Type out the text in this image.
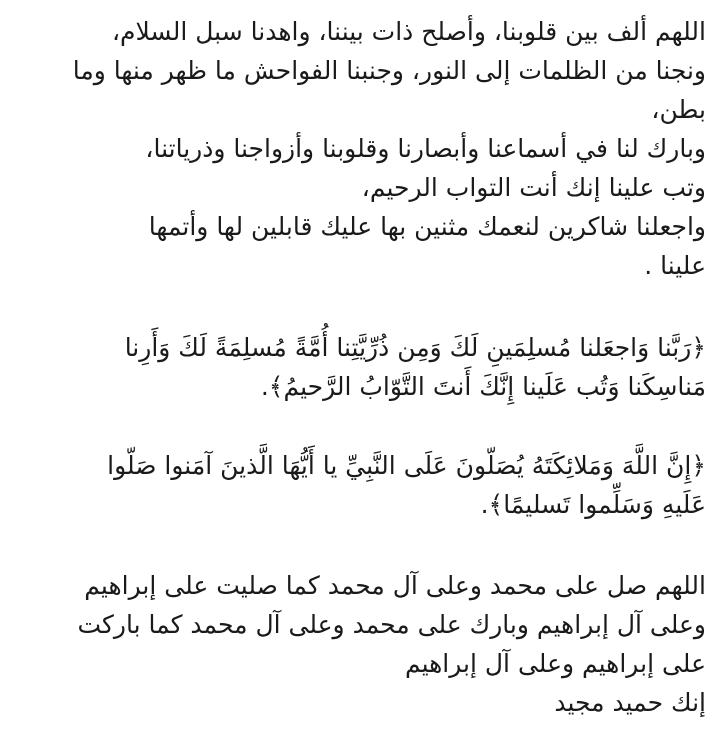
اللهم ألف بين قلوبنا، وأصلح ذات بيننا، واهدنا سبل السلام،
ونجنا من الظلمات إلى النور، وجنبنا الفواحش ما ظهر منها وما
بطن،
وبارك لنا في أسماعنا وأبصارنا وقلوبنا وأزواجنا وذرياتنا،
وتب علينا إنك أنت التواب الرحيم،
واجعلنا شاكرين لنعمك مثنين بها عليك قابلين لها وأتمها
علينا .
﴿رَبَّنا وَاجعَلنا مُسلِمَينِ لَكَ وَمِن ذُرِّيَّتِنا أُمَّةً مُسلِمَةً لَكَ وَأَرِنا
مَناسِكَنا وَتُب عَلَينا إِنَّكَ أَنتَ التَّوّابُ الرَّحيمُ﴾.
﴿إِنَّ اللَّهَ وَمَلائِكَتَهُ يُصَلّونَ عَلَى النَّبِيِّ يا أَيُّهَا الَّذينَ آمَنوا صَلّوا
عَلَيهِ وَسَلِّموا تَسليمًا﴾.
اللهم صل على محمد وعلى آل محمد كما صليت على إبراهيم
وعلى آل إبراهيم وبارك على محمد وعلى آل محمد كما باركت
على إبراهيم وعلى آل إبراهيم
إنك حميد مجيد
